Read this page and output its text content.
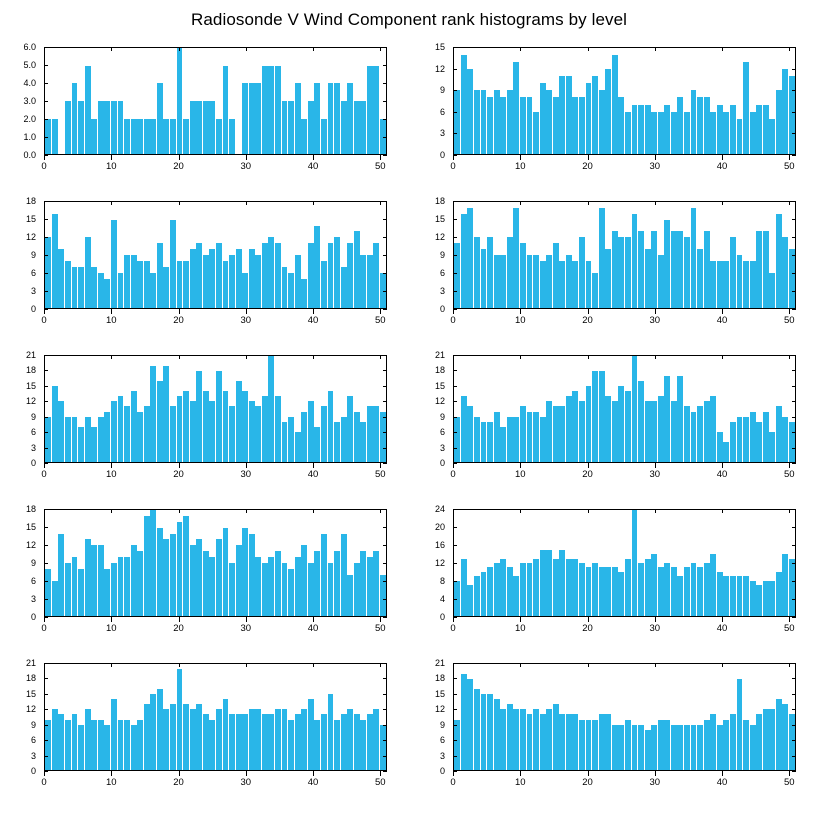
Radiosonde V Wind Component rank histograms by level
0.0
1.0
2.0
3.0
4.0
5.0
6.0
0	10	20	30	40	50
0
3
6
9
12
15
0	10	20	30	40	50
0
3
6
9
12
15
18
0	10	20	30	40	50
0
3
6
9
12
15
18
0	10	20	30	40	50
0
3
6
9
12
15
18
21
0	10	20	30	40	50
0
3
6
9
12
15
18
21
0	10	20	30	40	50
0
3
6
9
12
15
18
0	10	20	30	40	50
0
4
8
12
16
20
24
0	10	20	30	40	50
0
3
6
9
12
15
18
21
0	10	20	30	40	50
0
3
6
9
12
15
18
21
0	10	20	30	40	50
